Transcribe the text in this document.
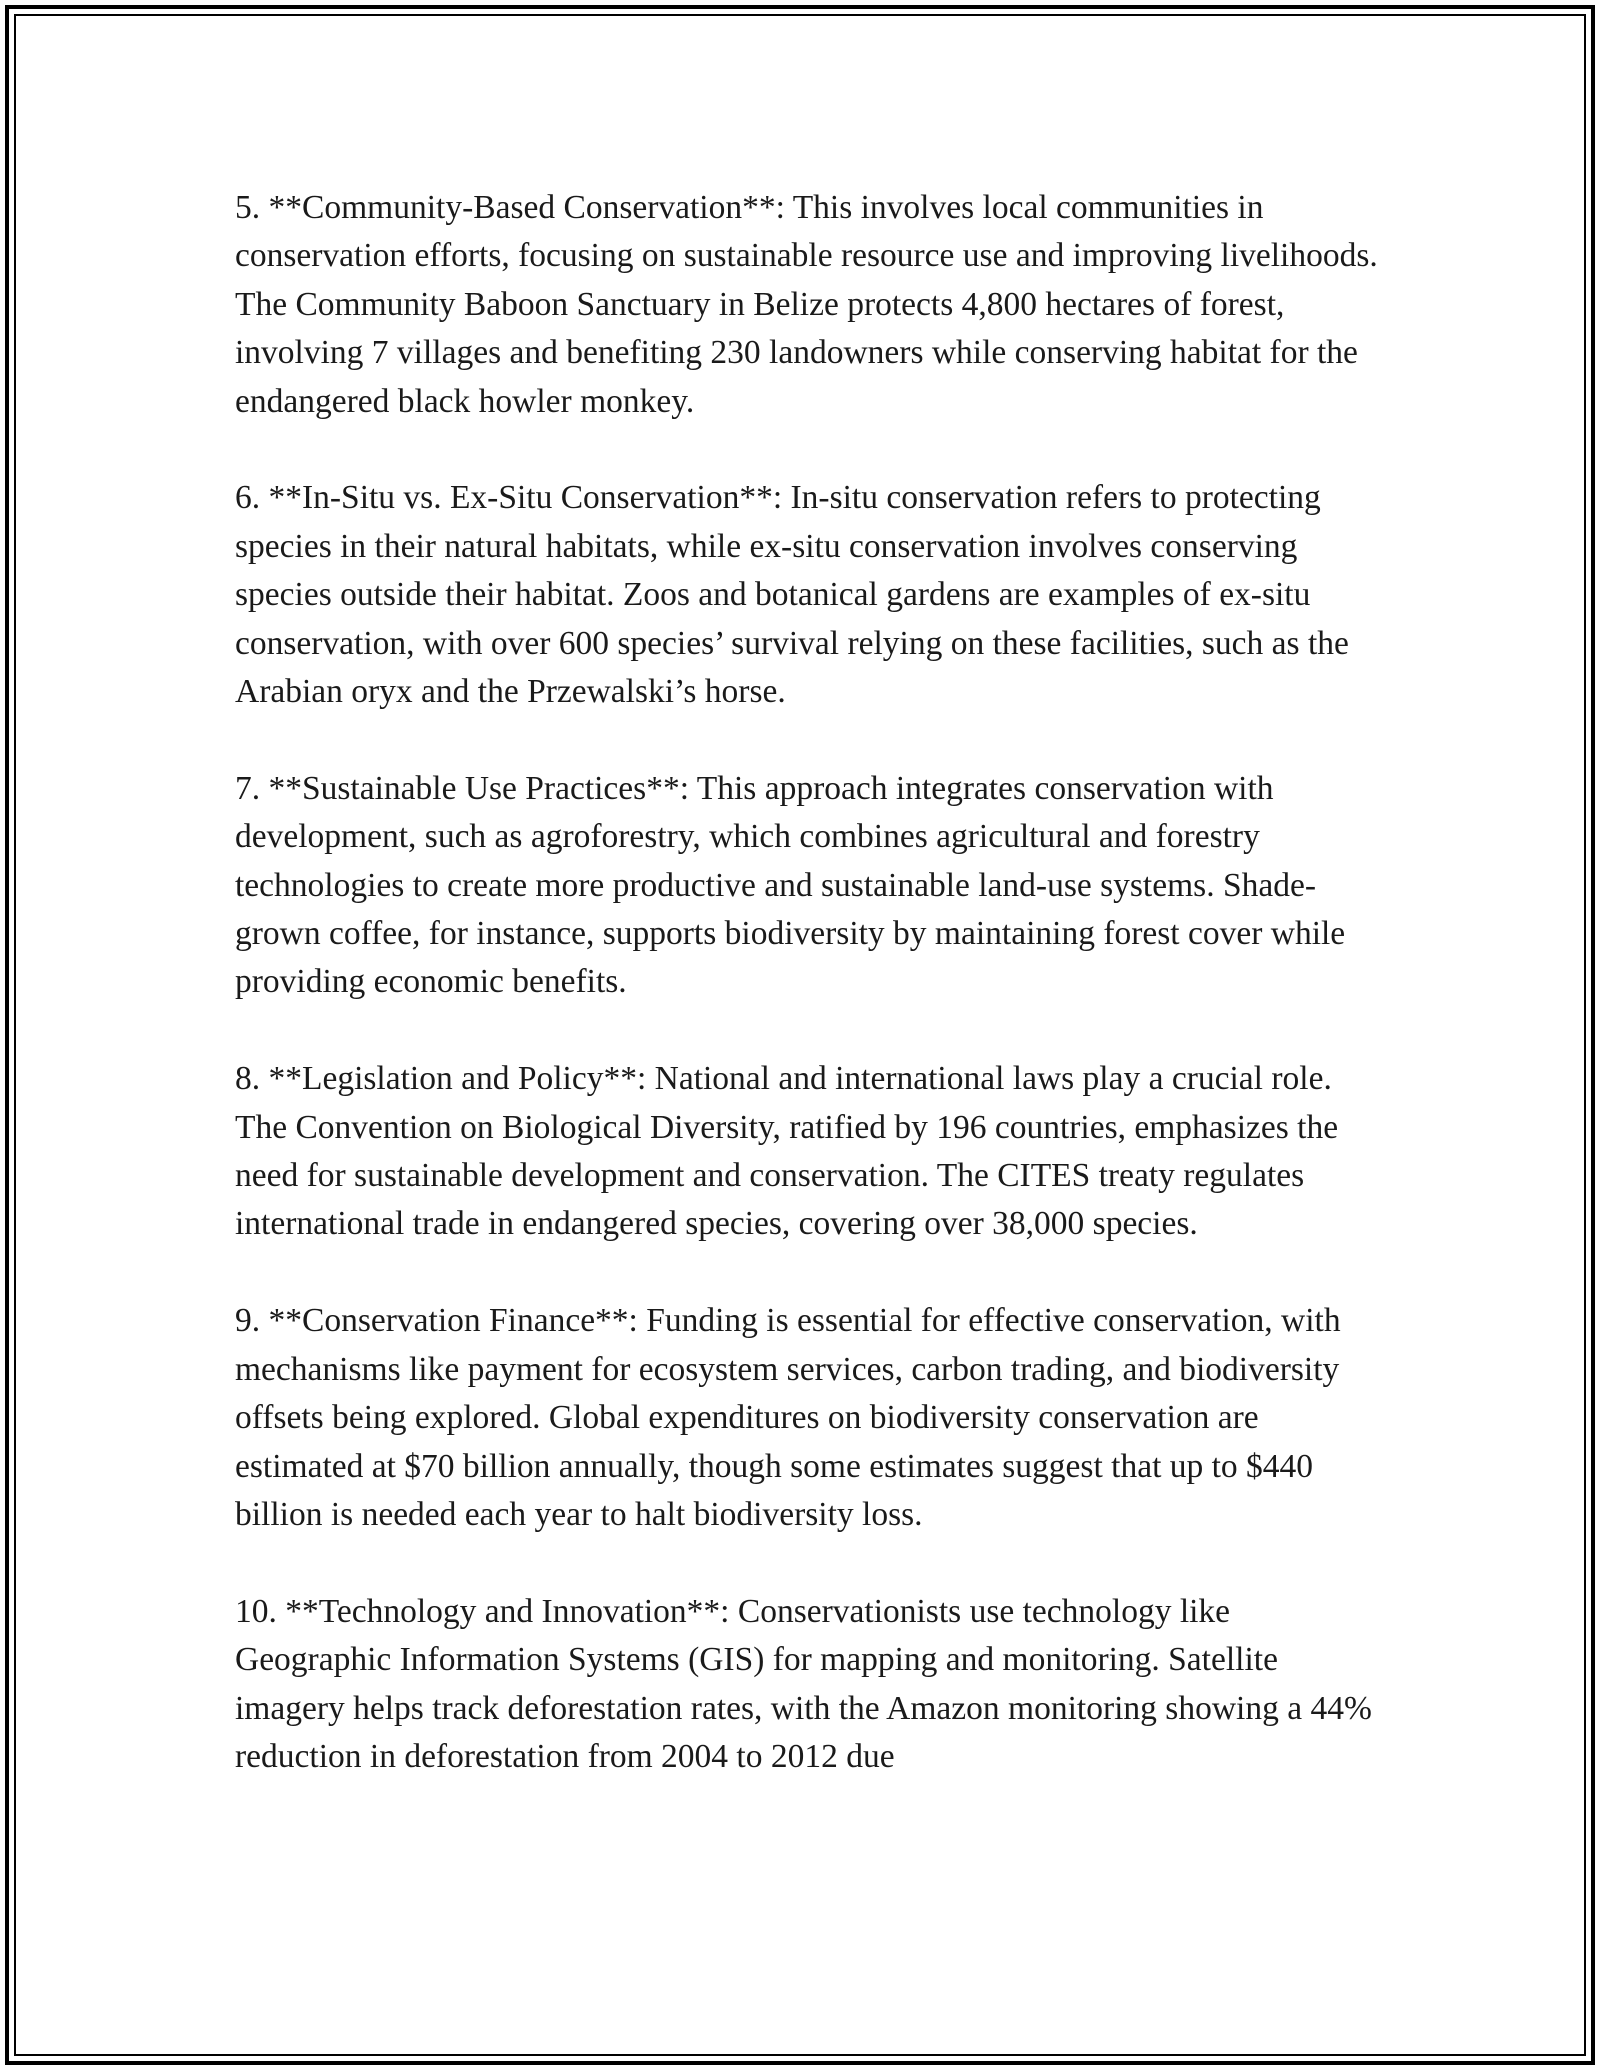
5. **Community-Based Conservation**: This involves local communities in conservation efforts, focusing on sustainable resource use and improving livelihoods. The Community Baboon Sanctuary in Belize protects 4,800 hectares of forest, involving 7 villages and benefiting 230 landowners while conserving habitat for the endangered black howler monkey.

6. **In-Situ vs. Ex-Situ Conservation**: In-situ conservation refers to protecting species in their natural habitats, while ex-situ conservation involves conserving species outside their habitat. Zoos and botanical gardens are examples of ex-situ conservation, with over 600 species’ survival relying on these facilities, such as the Arabian oryx and the Przewalski’s horse.

7. **Sustainable Use Practices**: This approach integrates conservation with development, such as agroforestry, which combines agricultural and forestry technologies to create more productive and sustainable land-use systems. Shade-grown coffee, for instance, supports biodiversity by maintaining forest cover while providing economic benefits.

8. **Legislation and Policy**: National and international laws play a crucial role. The Convention on Biological Diversity, ratified by 196 countries, emphasizes the need for sustainable development and conservation. The CITES treaty regulates international trade in endangered species, covering over 38,000 species.

9. **Conservation Finance**: Funding is essential for effective conservation, with mechanisms like payment for ecosystem services, carbon trading, and biodiversity offsets being explored. Global expenditures on biodiversity conservation are estimated at $70 billion annually, though some estimates suggest that up to $440 billion is needed each year to halt biodiversity loss.

10. **Technology and Innovation**: Conservationists use technology like Geographic Information Systems (GIS) for mapping and monitoring. Satellite imagery helps track deforestation rates, with the Amazon monitoring showing a 44% reduction in deforestation from 2004 to 2012 due
